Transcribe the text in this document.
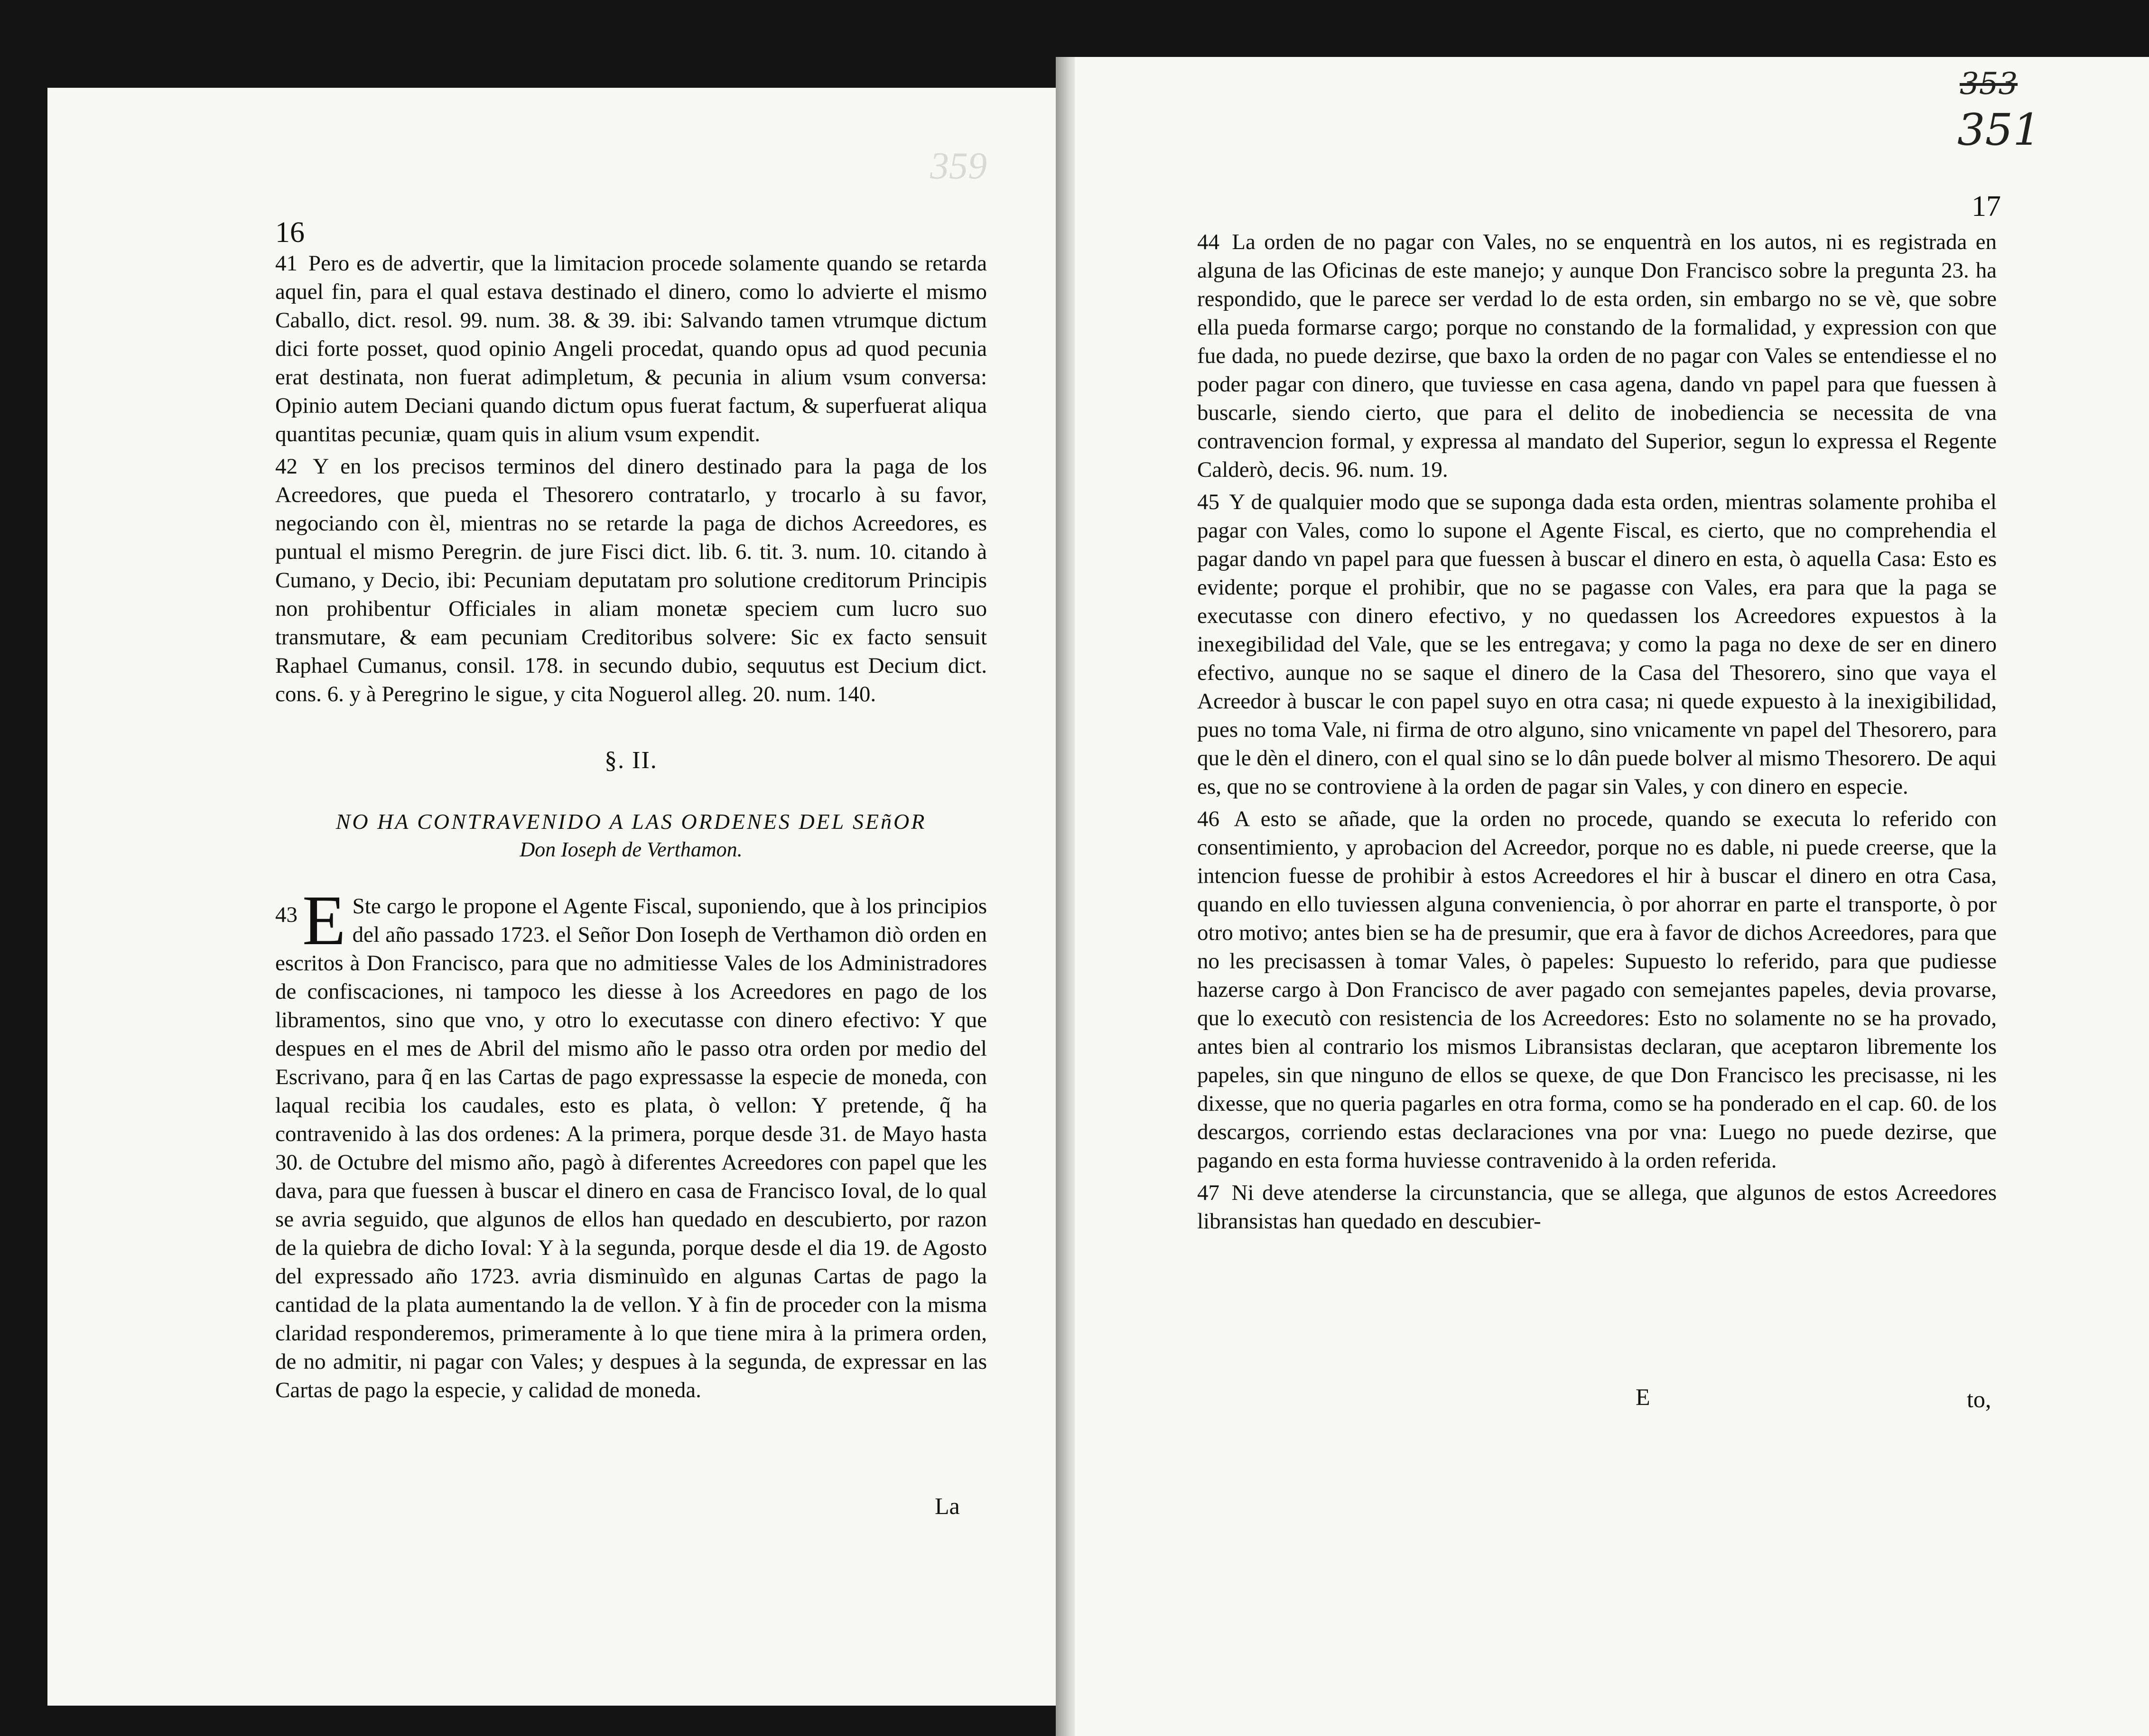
359
16

41 Pero es de advertir, que la limitacion procede solamente quando se retarda aquel fin, para el qual estava destinado el dinero, como lo advierte el mismo Caballo, dict. resol. 99. num. 38. & 39. ibi: Salvando tamen vtrumque dictum dici forte posset, quod opinio Angeli procedat, quando opus ad quod pecunia erat destinata, non fuerat adimpletum, & pecunia in alium vsum conversa: Opinio autem Deciani quando dictum opus fuerat factum, & superfuerat aliqua quantitas pecuniæ, quam quis in alium vsum expendit.

42 Y en los precisos terminos del dinero destinado para la paga de los Acreedores, que pueda el Thesorero contratarlo, y trocarlo à su favor, negociando con èl, mientras no se retarde la paga de dichos Acreedores, es puntual el mismo Peregrin. de jure Fisci dict. lib. 6. tit. 3. num. 10. citando à Cumano, y Decio, ibi: Pecuniam deputatam pro solutione creditorum Principis non prohibentur Officiales in aliam monetæ speciem cum lucro suo transmutare, & eam pecuniam Creditoribus solvere: Sic ex facto sensuit Raphael Cumanus, consil. 178. in secundo dubio, sequutus est Decium dict. cons. 6. y à Peregrino le sigue, y cita Noguerol alleg. 20. num. 140.

§. II.

NO HA CONTRAVENIDO A LAS ORDENES DEL SEñOR

Don Ioseph de Verthamon.

43 E Ste cargo le propone el Agente Fiscal, suponiendo, que à los principios del año passado 1723. el Señor Don Ioseph de Verthamon diò orden en escritos à Don Francisco, para que no admitiesse Vales de los Administradores de confiscaciones, ni tampoco les diesse à los Acreedores en pago de los libramentos, sino que vno, y otro lo executasse con dinero efectivo: Y que despues en el mes de Abril del mismo año le passo otra orden por medio del Escrivano, para q̃ en las Cartas de pago expressasse la especie de moneda, con laqual recibia los caudales, esto es plata, ò vellon: Y pretende, q̃ ha contravenido à las dos ordenes: A la primera, porque desde 31. de Mayo hasta 30. de Octubre del mismo año, pagò à diferentes Acreedores con papel que les dava, para que fuessen à buscar el dinero en casa de Francisco Ioval, de lo qual se avria seguido, que algunos de ellos han quedado en descubierto, por razon de la quiebra de dicho Ioval: Y à la segunda, porque desde el dia 19. de Agosto del expressado año 1723. avria disminuìdo en algunas Cartas de pago la cantidad de la plata aumentando la de vellon. Y à fin de proceder con la misma claridad responderemos, primeramente à lo que tiene mira à la primera orden, de no admitir, ni pagar con Vales; y despues à la segunda, de expressar en las Cartas de pago la especie, y calidad de moneda.

La
353
351
17

44 La orden de no pagar con Vales, no se enquentrà en los autos, ni es registrada en alguna de las Oficinas de este manejo; y aunque Don Francisco sobre la pregunta 23. ha respondido, que le parece ser verdad lo de esta orden, sin embargo no se vè, que sobre ella pueda formarse cargo; porque no constando de la formalidad, y expression con que fue dada, no puede dezirse, que baxo la orden de no pagar con Vales se entendiesse el no poder pagar con dinero, que tuviesse en casa agena, dando vn papel para que fuessen à buscarle, siendo cierto, que para el delito de inobediencia se necessita de vna contravencion formal, y expressa al mandato del Superior, segun lo expressa el Regente Calderò, decis. 96. num. 19.

45 Y de qualquier modo que se suponga dada esta orden, mientras solamente prohiba el pagar con Vales, como lo supone el Agente Fiscal, es cierto, que no comprehendia el pagar dando vn papel para que fuessen à buscar el dinero en esta, ò aquella Casa: Esto es evidente; porque el prohibir, que no se pagasse con Vales, era para que la paga se executasse con dinero efectivo, y no quedassen los Acreedores expuestos à la inexegibilidad del Vale, que se les entregava; y como la paga no dexe de ser en dinero efectivo, aunque no se saque el dinero de la Casa del Thesorero, sino que vaya el Acreedor à buscar le con papel suyo en otra casa; ni quede expuesto à la inexigibilidad, pues no toma Vale, ni firma de otro alguno, sino vnicamente vn papel del Thesorero, para que le dèn el dinero, con el qual sino se lo dân puede bolver al mismo Thesorero. De aqui es, que no se controviene à la orden de pagar sin Vales, y con dinero en especie.

46 A esto se añade, que la orden no procede, quando se executa lo referido con consentimiento, y aprobacion del Acreedor, porque no es dable, ni puede creerse, que la intencion fuesse de prohibir à estos Acreedores el hir à buscar el dinero en otra Casa, quando en ello tuviessen alguna conveniencia, ò por ahorrar en parte el transporte, ò por otro motivo; antes bien se ha de presumir, que era à favor de dichos Acreedores, para que no les precisassen à tomar Vales, ò papeles: Supuesto lo referido, para que pudiesse hazerse cargo à Don Francisco de aver pagado con semejantes papeles, devia provarse, que lo executò con resistencia de los Acreedores: Esto no solamente no se ha provado, antes bien al contrario los mismos Libransistas declaran, que aceptaron libremente los papeles, sin que ninguno de ellos se quexe, de que Don Francisco les precisasse, ni les dixesse, que no queria pagarles en otra forma, como se ha ponderado en el cap. 60. de los descargos, corriendo estas declaraciones vna por vna: Luego no puede dezirse, que pagando en esta forma huviesse contravenido à la orden referida.

47 Ni deve atenderse la circunstancia, que se allega, que algunos de estos Acreedores libransistas han quedado en descubier-

E	to,
